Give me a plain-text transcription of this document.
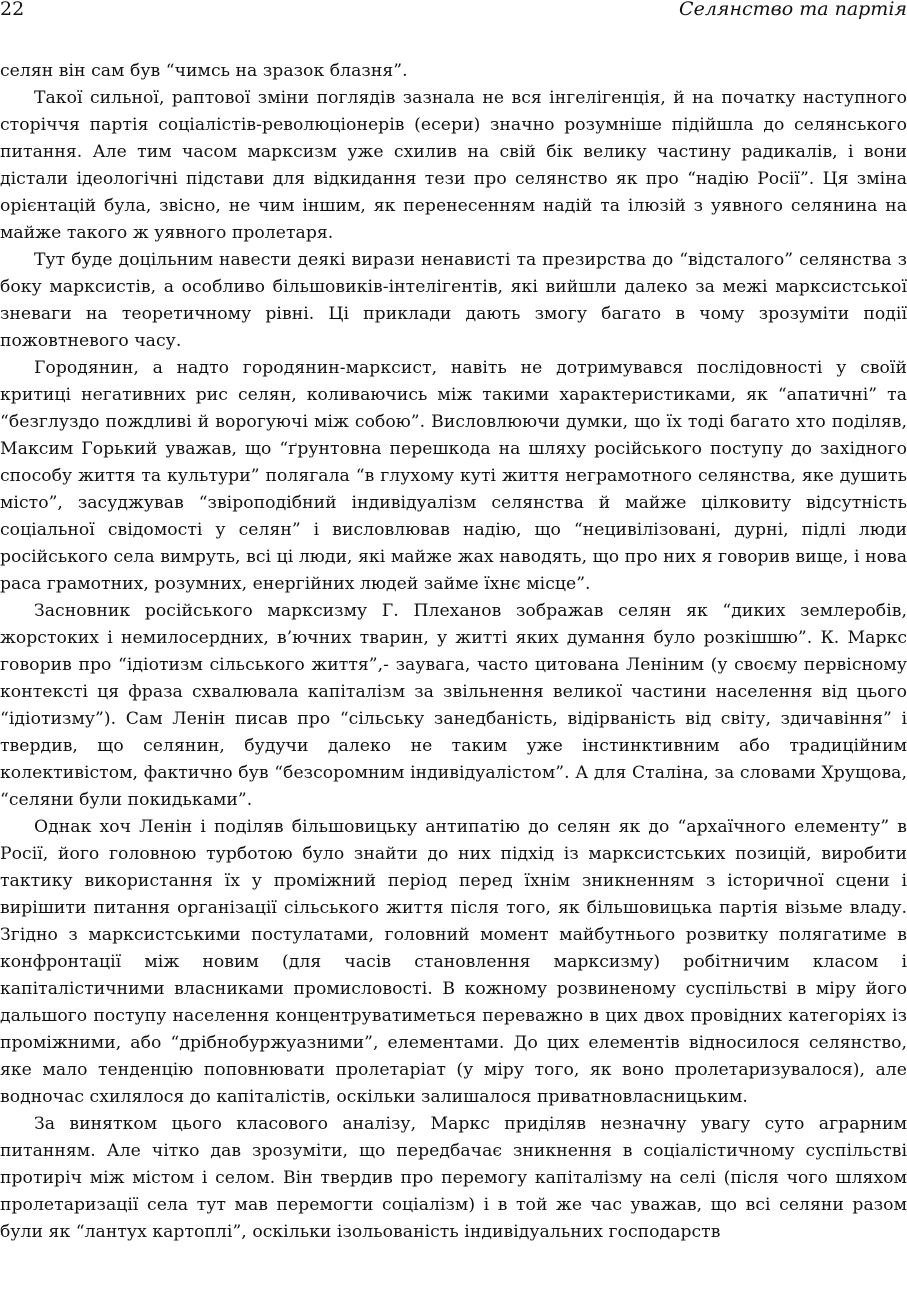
22	Селянство та партія

селян він сам був “чимсь на зразок блазня”.

Такої сильної, раптової зміни поглядів зазнала не вся інгелігенція, й на початку наступного сторіччя партія соціалістів-революціонерів (есери) значно розумніше підійшла до селянського питання. Але тим часом марксизм уже схилив на свій бік велику частину радикалів, і вони дістали ідеологічні підстави для відкидання тези про селянство як про “надію Росії”. Ця зміна орієнтацій була, звісно, не чим іншим, як перенесенням надій та ілюзій з уявного селянина на майже такого ж уявного пролетаря.

Тут буде доцільним навести деякі вирази ненависті та презирства до “відсталого” селянства з боку марксистів, а особливо більшовиків-інтелігентів, які вийшли далеко за межі марксистської зневаги на теоретичному рівні. Ці приклади дають змогу багато в чому зрозуміти події пожовтневого часу.

Городянин, а надто городянин-марксист, навіть не дотримувався послідовності у своїй критиці негативних рис селян, коливаючись між такими характеристиками, як “апатичні” та “безглуздо пождливі й ворогуючі між собою”. Висловлюючи думки, що їх тоді багато хто поділяв, Максим Горький уважав, що “ґрунтовна перешкода на шляху російського поступу до західного способу життя та культури” полягала “в глухому куті життя неграмотного селянства, яке душить місто”, засуджував “звіроподібний індивідуалізм селянства й майже цілковиту відсутність соціальної свідомості у селян” і висловлював надію, що “нецивілізовані, дурні, підлі люди російського села вимруть, всі ці люди, які майже жах наводять, що про них я говорив вище, і нова раса грамотних, розумних, енергійних людей займе їхнє місце”.

Засновник російського марксизму Г. Плеханов зображав селян як “диких землеробів, жорстоких і немилосердних, в’ючних тварин, у житті яких думання було розкішшю”. К. Маркс говорив про “ідіотизм сільського життя”,- заувага, часто цитована Леніним (у своєму первісному контексті ця фраза схвалювала капіталізм за звільнення великої частини населення від цього “ідіотизму”). Сам Ленін писав про “сільську занедбаність, відірваність від світу, здичавіння” і твердив, що селянин, будучи далеко не таким уже інстинктивним або традиційним колективістом, фактично був “безсоромним індивідуалістом”. А для Сталіна, за словами Хрущова, “селяни були покидьками”.

Однак хоч Ленін і поділяв більшовицьку антипатію до селян як до “архаїчного елементу” в Росії, його головною турботою було знайти до них підхід із марксистських позицій, виробити тактику використання їх у проміжний період перед їхнім зникненням з історичної сцени і вирішити питання організації сільського життя після того, як більшовицька партія візьме владу. Згідно з марксистськими постулатами, головний момент майбутнього розвитку полягатиме в конфронтації між новим (для часів становлення марксизму) робітничим класом і капіталістичними власниками промисловості. В кожному розвиненому суспільстві в міру його дальшого поступу населення концентруватиметься переважно в цих двох провідних категоріях із проміжними, або “дрібнобуржуазними”, елементами. До цих елементів відносилося селянство, яке мало тенденцію поповнювати пролетаріат (у міру того, як воно пролетаризувалося), але водночас схилялося до капіталістів, оскільки залишалося приватновласницьким.

За винятком цього класового аналізу, Маркс приділяв незначну увагу суто аграрним питанням. Але чітко дав зрозуміти, що передбачає зникнення в соціалістичному суспільстві протиріч між містом і селом. Він твердив про перемогу капіталізму на селі (після чого шляхом пролетаризації села тут мав перемогти соціалізм) і в той же час уважав, що всі селяни разом були як “лантух картоплі”, оскільки ізольованість індивідуальних господарств
